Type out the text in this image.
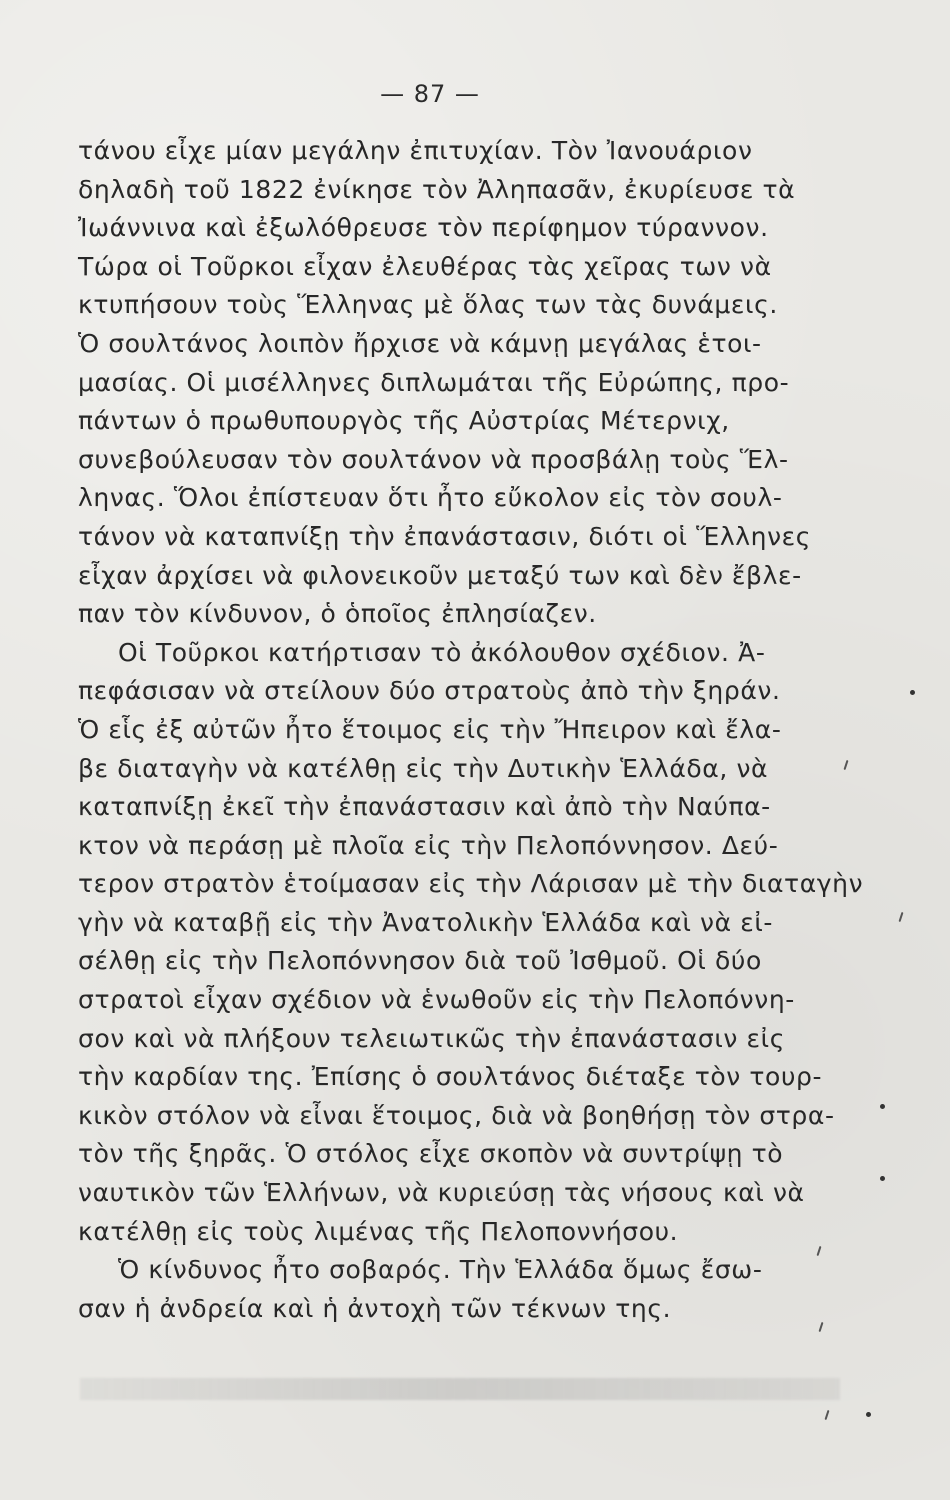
— 87 —
τάνου εἶχε μίαν μεγάλην ἐπιτυχίαν. Τὸν Ἰανουάριον
δηλαδὴ τοῦ 1822 ἐνίκησε τὸν Ἀληπασᾶν, ἐκυρίευσε τὰ
Ἰωάννινα καὶ ἐξωλόθρευσε τὸν περίφημον τύραννον.
Τώρα οἱ Τοῦρκοι εἶχαν ἐλευθέρας τὰς χεῖρας των νὰ
κτυπήσουν τοὺς Ἕλληνας μὲ ὅλας των τὰς δυνάμεις.
Ὁ σουλτάνος λοιπὸν ἤρχισε νὰ κάμνῃ μεγάλας ἑτοι-
μασίας. Οἱ μισέλληνες διπλωμάται τῆς Εὐρώπης, προ-
πάντων ὁ πρωθυπουργὸς τῆς Αὐστρίας Μέτερνιχ,
συνεβούλευσαν τὸν σουλτάνον νὰ προσβάλῃ τοὺς Ἕλ-
ληνας. Ὅλοι ἐπίστευαν ὅτι ἦτο εὔκολον εἰς τὸν σουλ-
τάνον νὰ καταπνίξῃ τὴν ἐπανάστασιν, διότι οἱ Ἕλληνες
εἶχαν ἀρχίσει νὰ φιλονεικοῦν μεταξύ των καὶ δὲν ἔβλε-
παν τὸν κίνδυνον, ὁ ὁποῖος ἐπλησίαζεν.
Οἱ Τοῦρκοι κατήρτισαν τὸ ἀκόλουθον σχέδιον. Ἀ-
πεφάσισαν νὰ στείλουν δύο στρατοὺς ἀπὸ τὴν ξηράν.
Ὁ εἷς ἐξ αὐτῶν ἦτο ἕτοιμος εἰς τὴν Ἤπειρον καὶ ἔλα-
βε διαταγὴν νὰ κατέλθῃ εἰς τὴν Δυτικὴν Ἑλλάδα, νὰ
καταπνίξῃ ἐκεῖ τὴν ἐπανάστασιν καὶ ἀπὸ τὴν Ναύπα-
κτον νὰ περάσῃ μὲ πλοῖα εἰς τὴν Πελοπόννησον. Δεύ-
τερον στρατὸν ἑτοίμασαν εἰς τὴν Λάρισαν μὲ τὴν διαταγὴν
γὴν νὰ καταβῇ εἰς τὴν Ἀνατολικὴν Ἑλλάδα καὶ νὰ εἰ-
σέλθῃ εἰς τὴν Πελοπόννησον διὰ τοῦ Ἰσθμοῦ. Οἱ δύο
στρατοὶ εἶχαν σχέδιον νὰ ἑνωθοῦν εἰς τὴν Πελοπόννη-
σον καὶ νὰ πλήξουν τελειωτικῶς τὴν ἐπανάστασιν εἰς
τὴν καρδίαν της. Ἐπίσης ὁ σουλτάνος διέταξε τὸν τουρ-
κικὸν στόλον νὰ εἶναι ἕτοιμος, διὰ νὰ βοηθήσῃ τὸν στρα-
τὸν τῆς ξηρᾶς. Ὁ στόλος εἶχε σκοπὸν νὰ συντρίψῃ τὸ
ναυτικὸν τῶν Ἑλλήνων, νὰ κυριεύσῃ τὰς νήσους καὶ νὰ
κατέλθῃ εἰς τοὺς λιμένας τῆς Πελοποννήσου.
Ὁ κίνδυνος ἦτο σοβαρός. Τὴν Ἑλλάδα ὅμως ἔσω-
σαν ἡ ἀνδρεία καὶ ἡ ἀντοχὴ τῶν τέκνων της.
